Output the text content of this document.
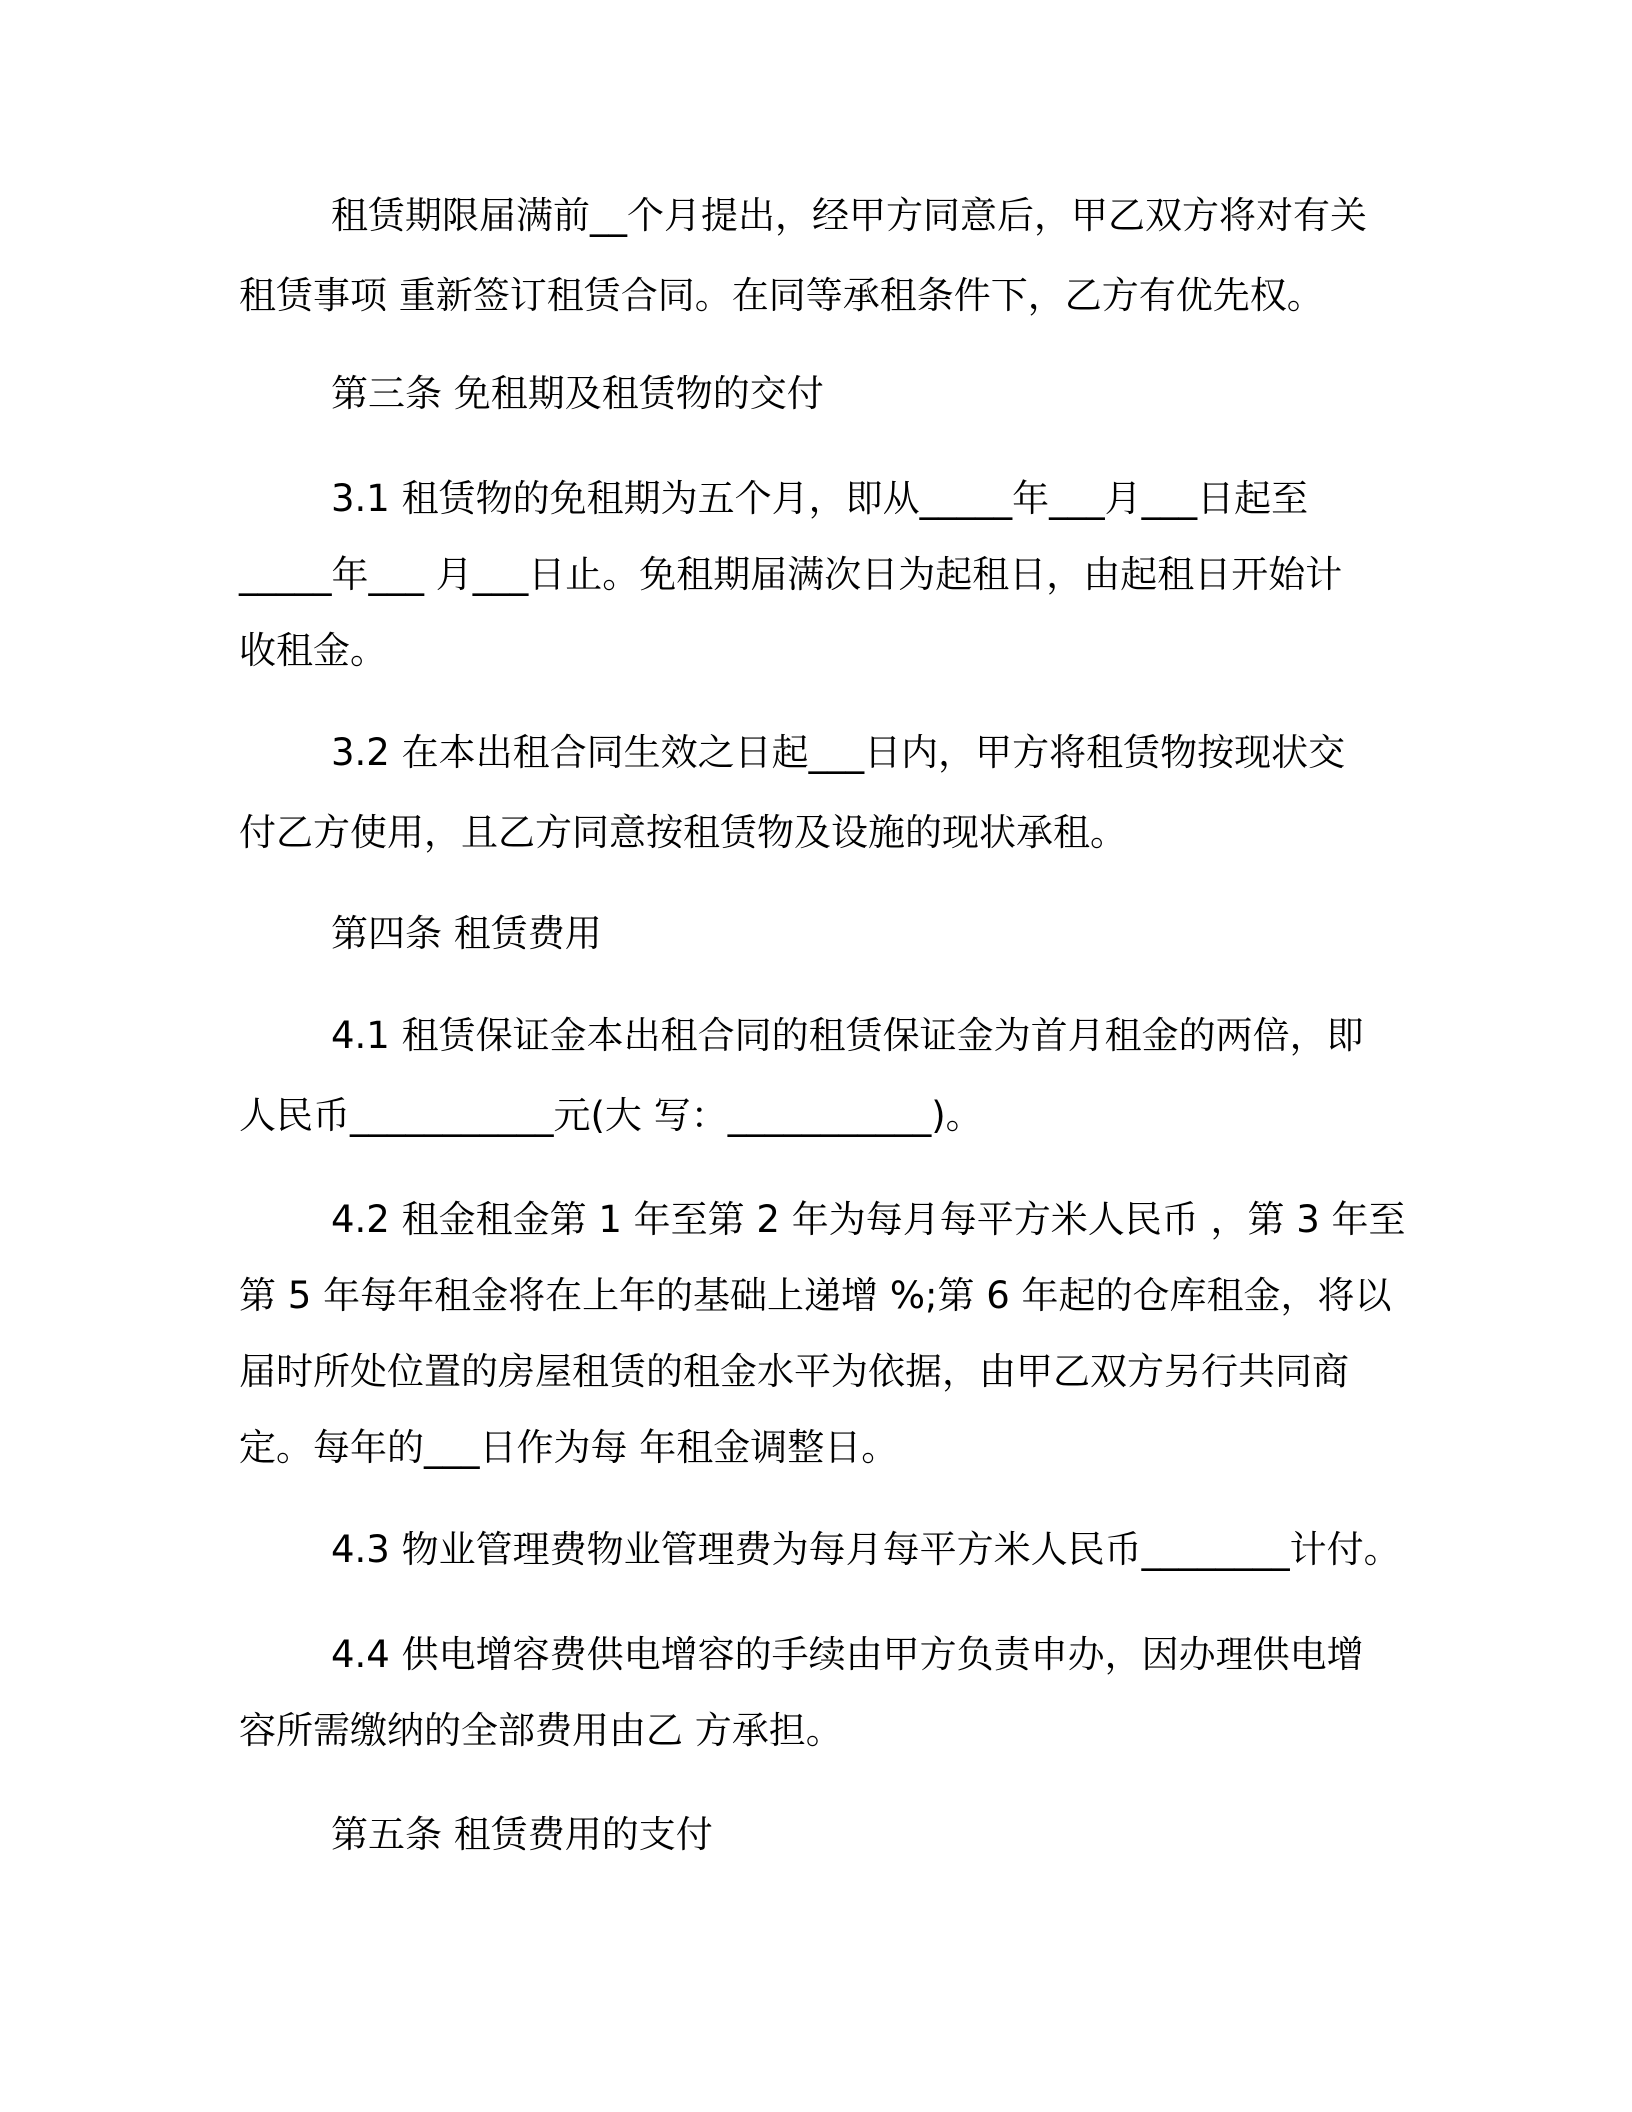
租赁期限届满前__个月提出，经甲方同意后，甲乙双方将对有关
租赁事项 重新签订租赁合同。在同等承租条件下，乙方有优先权。
第三条 免租期及租赁物的交付
3.1 租赁物的免租期为五个月，即从_____年___月___日起至
_____年___ 月___日止。免租期届满次日为起租日，由起租日开始计
收租金。
3.2 在本出租合同生效之日起___日内，甲方将租赁物按现状交
付乙方使用，且乙方同意按租赁物及设施的现状承租。
第四条 租赁费用
4.1 租赁保证金本出租合同的租赁保证金为首月租金的两倍，即
人民币___________元(大 写：___________)。
4.2 租金租金第 1 年至第 2 年为每月每平方米人民币 ，第 3 年至
第 5 年每年租金将在上年的基础上递增 %;第 6 年起的仓库租金，将以
届时所处位置的房屋租赁的租金水平为依据，由甲乙双方另行共同商
定。每年的___日作为每 年租金调整日。
4.3 物业管理费物业管理费为每月每平方米人民币________计付。
4.4 供电增容费供电增容的手续由甲方负责申办，因办理供电增
容所需缴纳的全部费用由乙 方承担。
第五条 租赁费用的支付
